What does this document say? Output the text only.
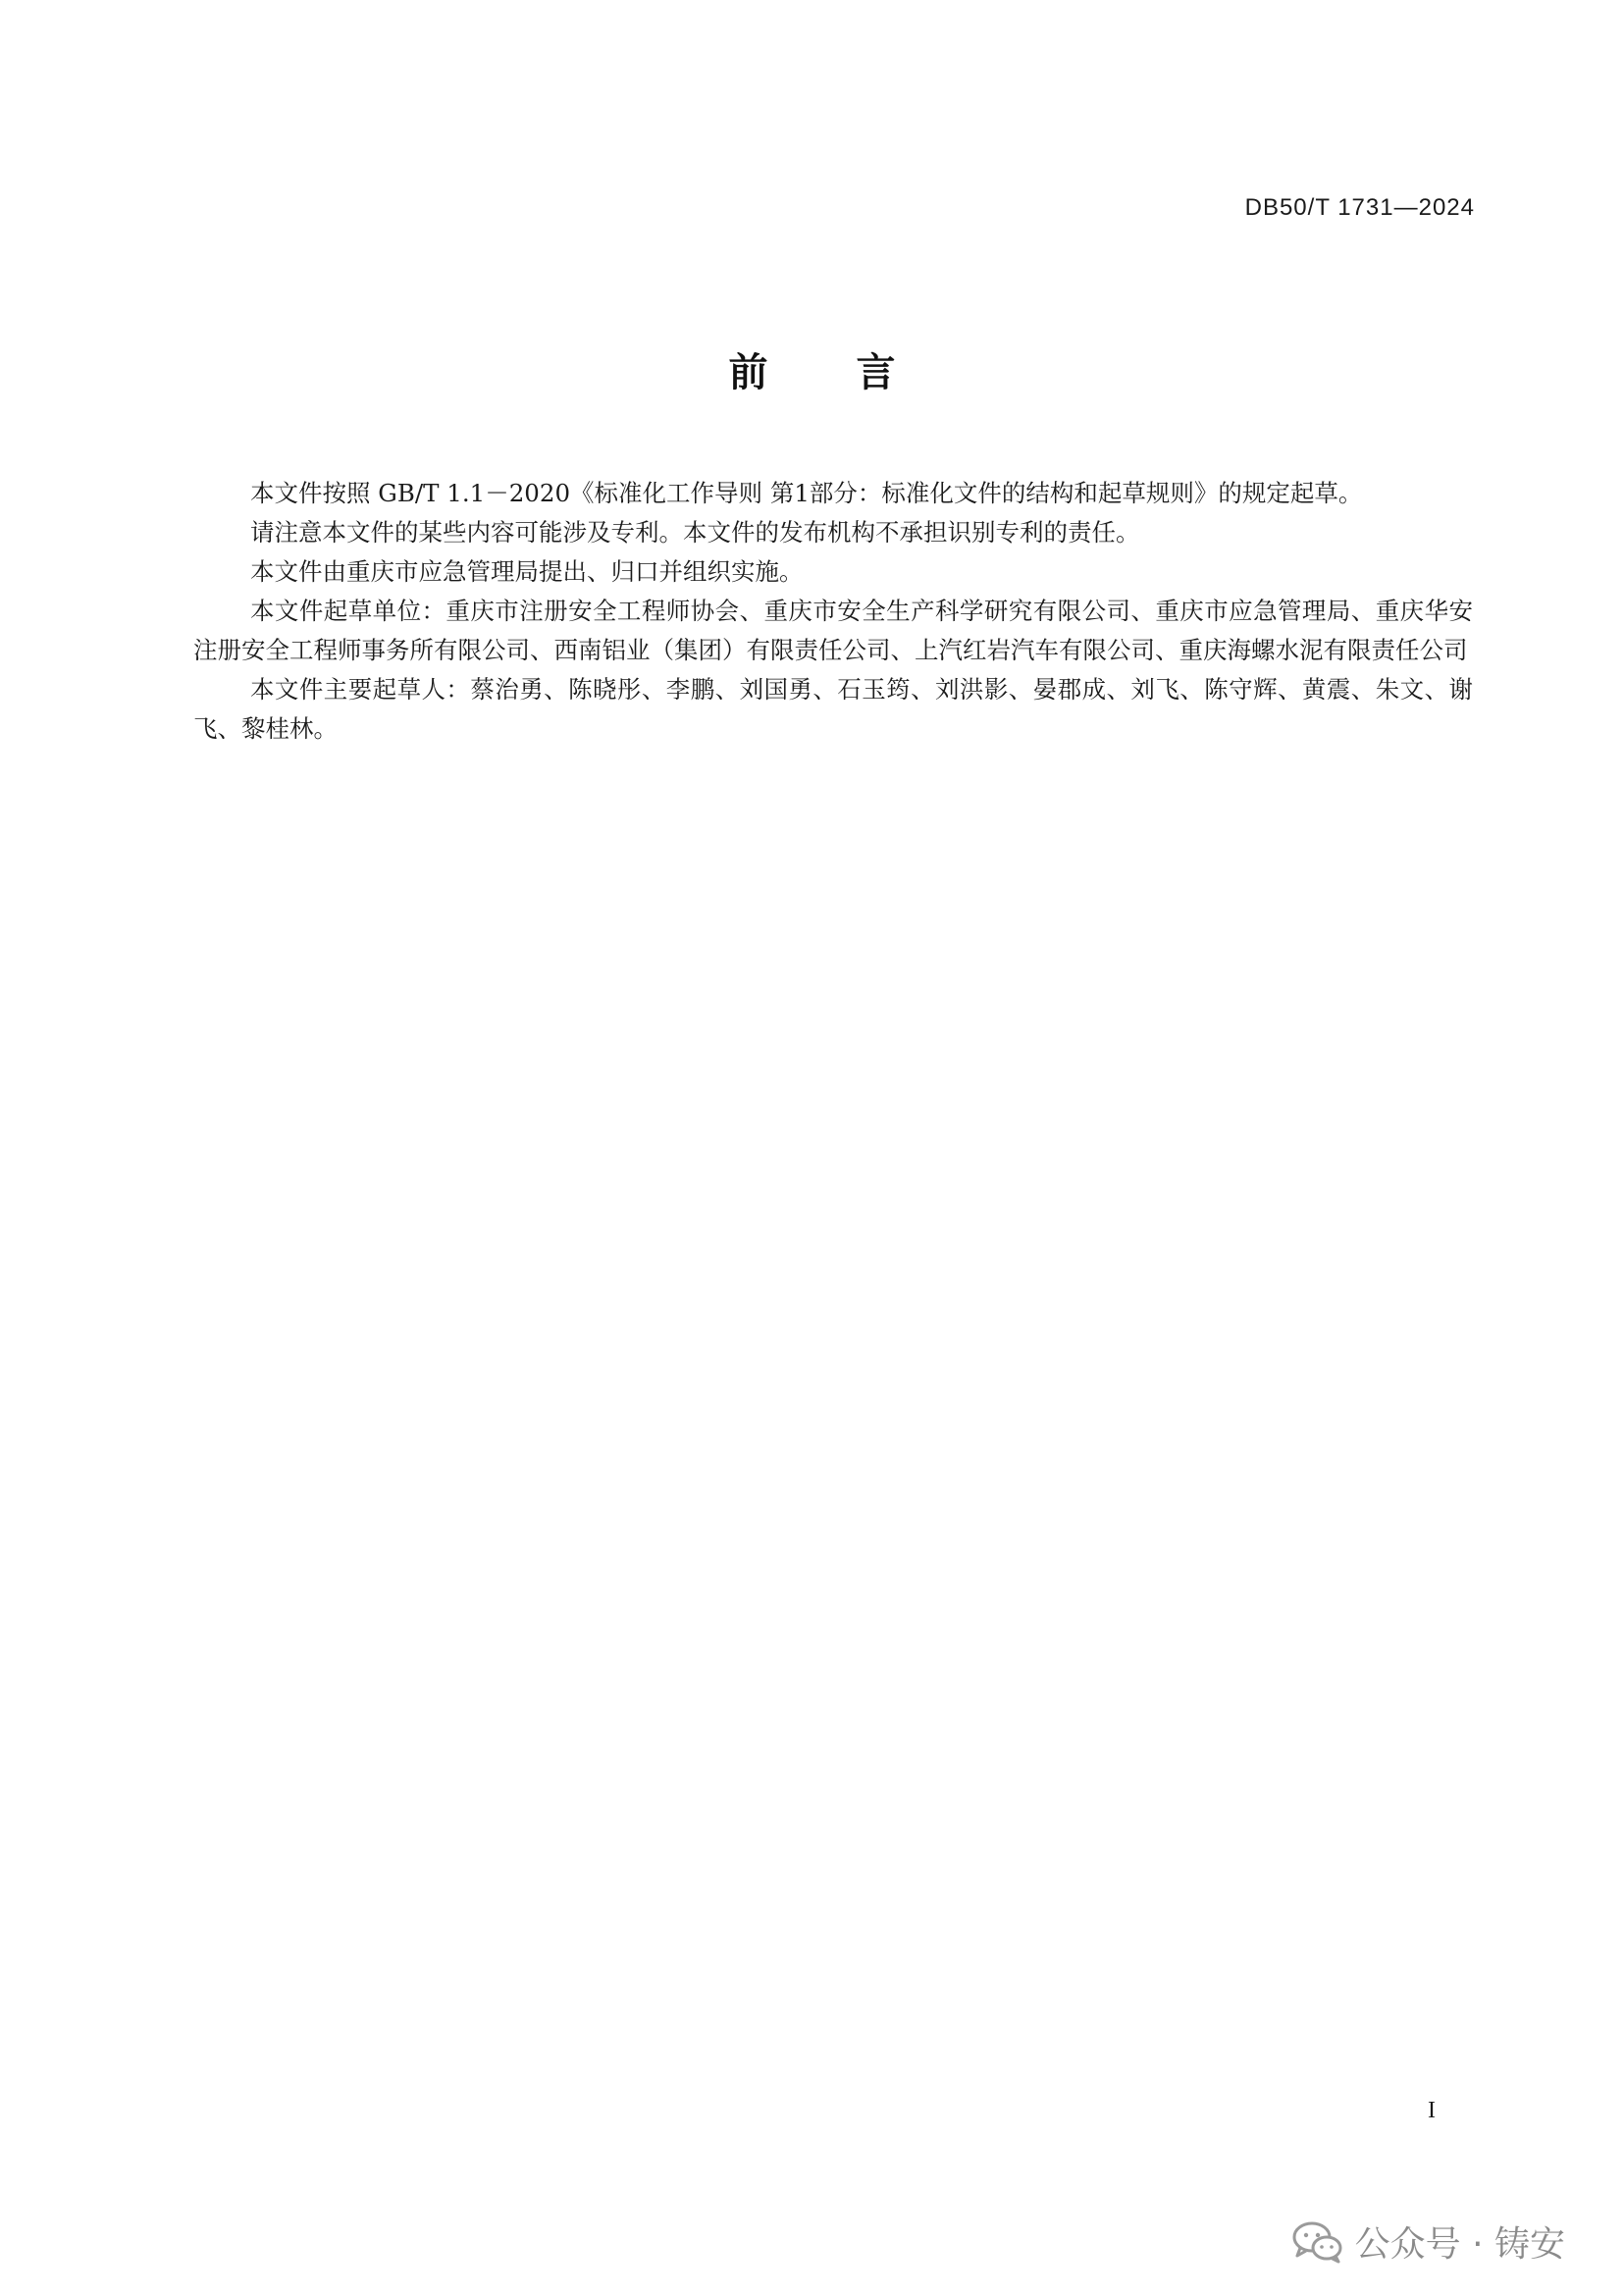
DB50/T 1731—2024
前言

本文件按照 GB/T 1.1－2020《标准化工作导则 第1部分：标准化文件的结构和起草规则》的规定起草。

请注意本文件的某些内容可能涉及专利。本文件的发布机构不承担识别专利的责任。

本文件由重庆市应急管理局提出、归口并组织实施。

本文件起草单位：重庆市注册安全工程师协会、重庆市安全生产科学研究有限公司、重庆市应急管理局、重庆华安注册安全工程师事务所有限公司、西南铝业（集团）有限责任公司、上汽红岩汽车有限公司、重庆海螺水泥有限责任公司

本文件主要起草人：蔡治勇、陈晓彤、李鹏、刘国勇、石玉筠、刘洪影、晏郡成、刘飞、陈守辉、黄震、朱文、谢飞、黎桂林。

I
公众号 · 铸安
